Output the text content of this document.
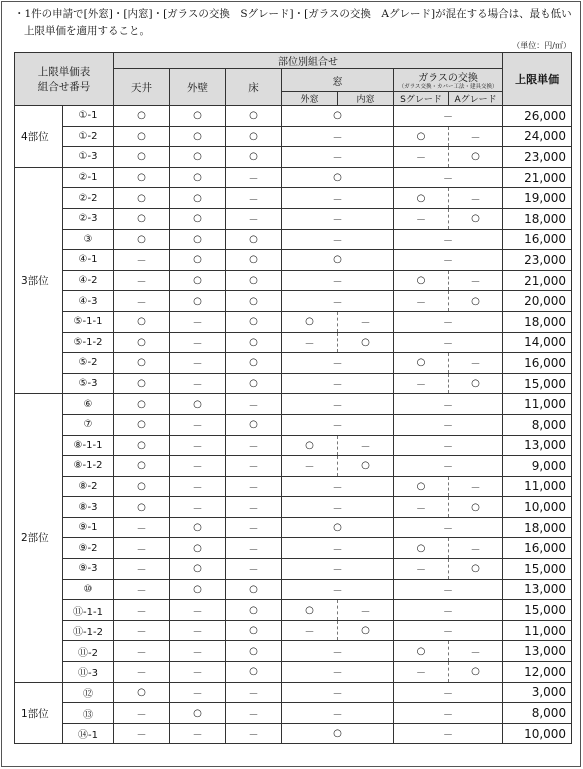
・1件の申請で[外窓]・[内窓]・[ガラスの交換　Sグレード]・[ガラスの交換　Aグレード]が混在する場合は、最も低い
上限単価を適用すること。
（単位：円/㎡）
上限単価表
組合せ番号		部位別組合せ							上限単価
		天井	外壁	床	窓		ガラスの交換
（ガラス交換・カバー工法・建具交換）		

					外窓	内窓	Sグレード	Aグレード	
4部位	①-1	○	○	○	○		－		26,000
	①-2	○	○	○	－		○	－	24,000
	①-3	○	○	○	－		－	○	23,000
3部位	②-1	○	○	－	○		－		21,000
	②-2	○	○	－	－		○	－	19,000
	②-3	○	○	－	－		－	○	18,000
	③	○	○	○	－		－		16,000
	④-1	－	○	○	○		－		23,000
	④-2	－	○	○	－		○	－	21,000
	④-3	－	○	○	－		－	○	20,000
	⑤-1-1	○	－	○	○	－	－		18,000
	⑤-1-2	○	－	○	－	○	－		14,000
	⑤-2	○	－	○	－		○	－	16,000
	⑤-3	○	－	○	－		－	○	15,000
2部位	⑥	○	○	－	－		－		11,000
	⑦	○	－	○	－		－		8,000
	⑧-1-1	○	－	－	○	－	－		13,000
	⑧-1-2	○	－	－	－	○	－		9,000
	⑧-2	○	－	－	－		○	－	11,000
	⑧-3	○	－	－	－		－	○	10,000
	⑨-1	－	○	－	○		－		18,000
	⑨-2	－	○	－	－		○	－	16,000
	⑨-3	－	○	－	－		－	○	15,000
	⑩	－	○	○	－		－		13,000
	⑪-1-1	－	－	○	○	－	－		15,000
	⑪-1-2	－	－	○	－	○	－		11,000
	⑪-2	－	－	○	－		○	－	13,000
	⑪-3	－	－	○	－		－	○	12,000
1部位	⑫	○	－	－	－		－		3,000
	⑬	－	○	－	－		－		8,000
	⑭-1	－	－	－	○		－		10,000
